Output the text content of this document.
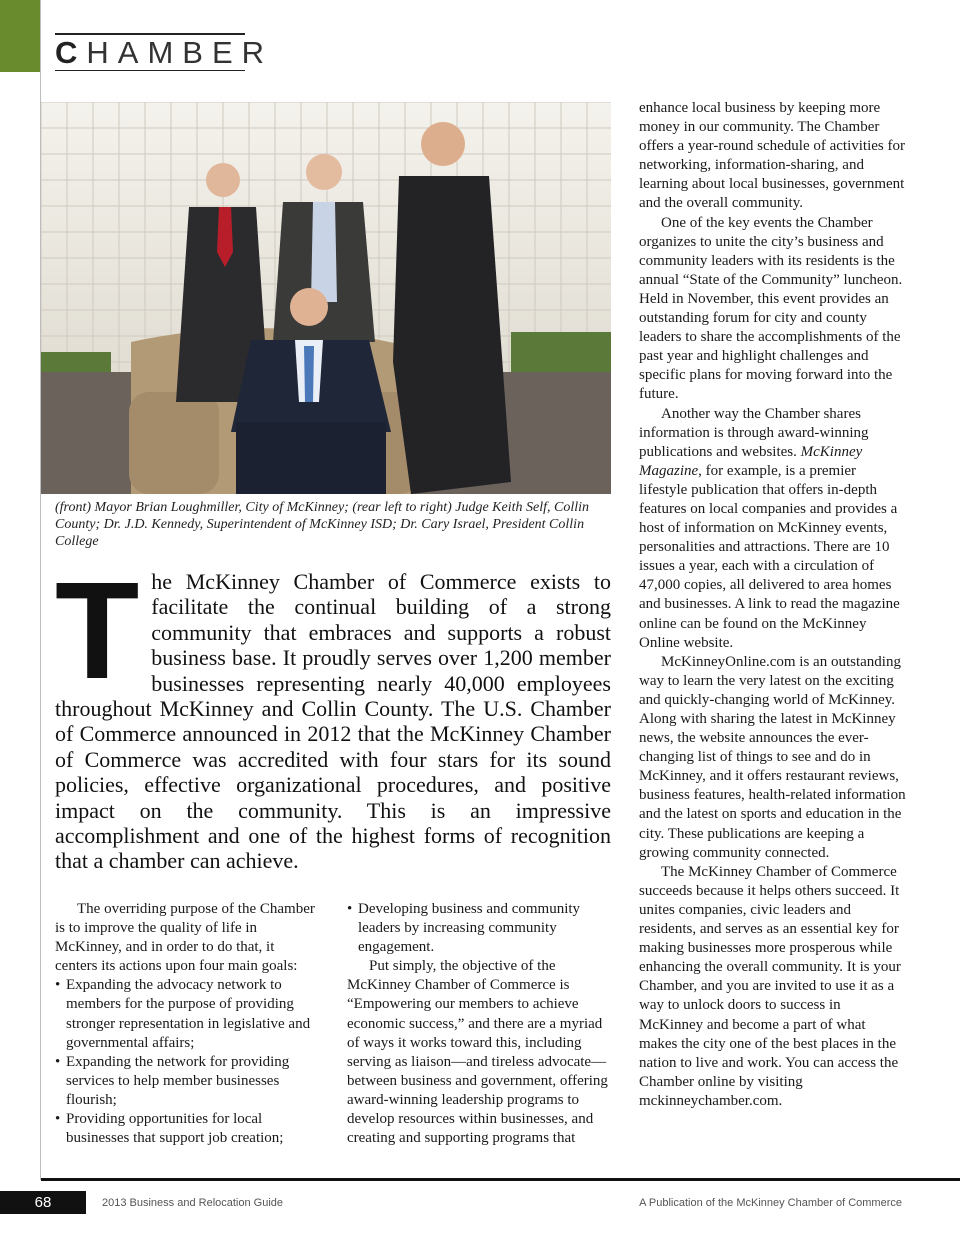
CHAMBER
(front) Mayor Brian Loughmiller, City of McKinney; (rear left to right) Judge Keith Self, Collin County; Dr. J.D. Kennedy, Superintendent of McKinney ISD; Dr. Cary Israel, President Collin College
T he McKinney Chamber of Commerce exists to facilitate the continual building of a strong community that embraces and supports a robust business base. It proudly serves over 1,200 member businesses representing nearly 40,000 employees throughout McKinney and Collin County. The U.S. Chamber of Commerce announced in 2012 that the McKinney Chamber of Commerce was accredited with four stars for its sound policies, effective organizational procedures, and positive impact on the community. This is an impressive accomplishment and one of the highest forms of recognition that a chamber can achieve.

The overriding purpose of the Chamber is to improve the quality of life in McKinney, and in order to do that, it centers its actions upon four main goals:

• Expanding the advocacy network to members for the purpose of providing stronger representation in legislative and governmental affairs;

• Expanding the network for providing services to help member businesses flourish;

• Providing opportunities for local businesses that support job creation;

• Developing business and community leaders by increasing community engagement.

Put simply, the objective of the McKinney Chamber of Commerce is “Empowering our members to achieve economic success,” and there are a myriad of ways it works toward this, including serving as liaison—and tireless advocate—between business and government, offering award-winning leadership programs to develop resources within businesses, and creating and supporting programs that

enhance local business by keeping more money in our community. The Chamber offers a year-round schedule of activities for networking, information-sharing, and learning about local businesses, government and the overall community.

One of the key events the Chamber organizes to unite the city’s business and community leaders with its residents is the annual “State of the Community” luncheon. Held in November, this event provides an outstanding forum for city and county leaders to share the accomplishments of the past year and highlight challenges and specific plans for moving forward into the future.

Another way the Chamber shares information is through award-winning publications and websites. McKinney Magazine, for example, is a premier lifestyle publication that offers in-depth features on local companies and provides a host of information on McKinney events, personalities and attractions. There are 10 issues a year, each with a circulation of 47,000 copies, all delivered to area homes and businesses. A link to read the magazine online can be found on the McKinney Online website.

McKinneyOnline.com is an outstanding way to learn the very latest on the exciting and quickly-changing world of McKinney. Along with sharing the latest in McKinney news, the website announces the ever-changing list of things to see and do in McKinney, and it offers restaurant reviews, business features, health-related information and the latest on sports and education in the city. These publications are keeping a growing community connected.

The McKinney Chamber of Commerce succeeds because it helps others succeed. It unites companies, civic leaders and residents, and serves as an essential key for making businesses more prosperous while enhancing the overall community. It is your Chamber, and you are invited to use it as a way to unlock doors to success in McKinney and become a part of what makes the city one of the best places in the nation to live and work. You can access the Chamber online by visiting mckinneychamber.com.

68	2013 Business and Relocation Guide	A Publication of the McKinney Chamber of Commerce
